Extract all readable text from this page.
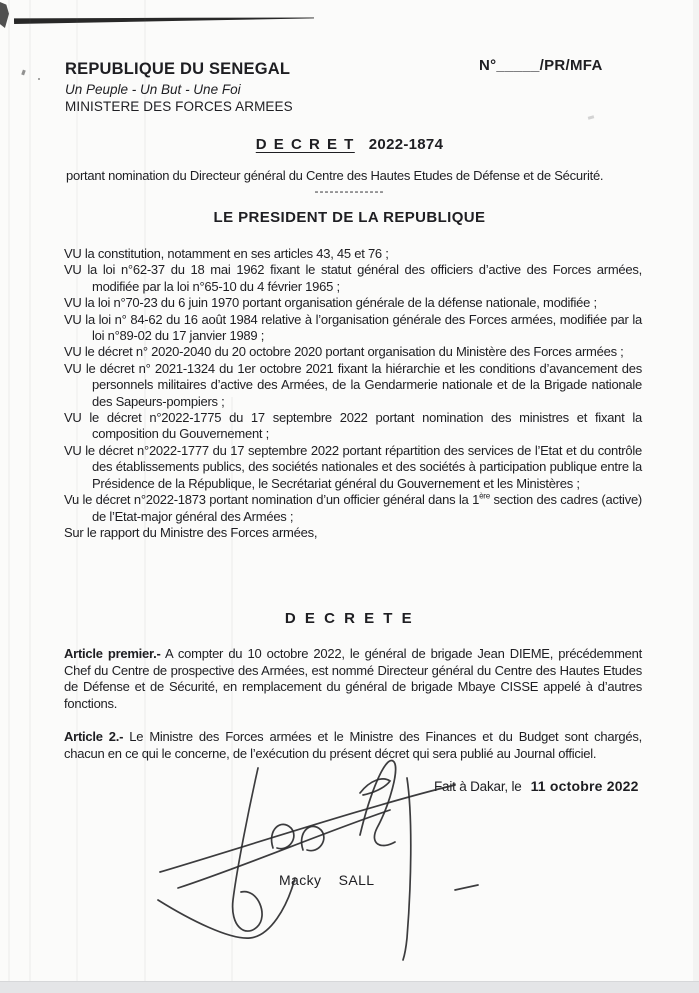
REPUBLIQUE DU SENEGAL
Un Peuple - Un But - Une Foi
MINISTERE DES FORCES ARMEES
N°_____/PR/MFA
D E C R E T 2022-1874
portant nomination du Directeur général du Centre des Hautes Etudes de Défense et de Sécurité.
--------------
LE PRESIDENT DE LA REPUBLIQUE

VU la constitution, notamment en ses articles 43, 45 et 76 ;

VU la loi n°62-37 du 18 mai 1962 fixant le statut général des officiers d’active des Forces armées, modifiée par la loi n°65-10 du 4 février 1965 ;

VU la loi n°70-23 du 6 juin 1970 portant organisation générale de la défense nationale, modifiée ;

VU la loi n° 84-62 du 16 août 1984 relative à l’organisation générale des Forces armées, modifiée par la loi n°89-02 du 17 janvier 1989 ;

VU le décret n° 2020-2040 du 20 octobre 2020 portant organisation du Ministère des Forces armées ;

VU le décret n° 2021-1324 du 1er octobre 2021 fixant la hiérarchie et les conditions d’avancement des personnels militaires d’active des Armées, de la Gendarmerie nationale et de la Brigade nationale des Sapeurs-pompiers ;

VU le décret n°2022-1775 du 17 septembre 2022 portant nomination des ministres et fixant la composition du Gouvernement ;

VU le décret n°2022-1777 du 17 septembre 2022 portant répartition des services de l’Etat et du contrôle des établissements publics, des sociétés nationales et des sociétés à participation publique entre la Présidence de la République, le Secrétariat général du Gouvernement et les Ministères ;

Vu le décret n°2022-1873 portant nomination d’un officier général dans la 1ère section des cadres (active) de l’Etat-major général des Armées ;

Sur le rapport du Ministre des Forces armées,

D E C R E T E

Article premier.- A compter du 10 octobre 2022, le général de brigade Jean DIEME, précédemment Chef du Centre de prospective des Armées, est nommé Directeur général du Centre des Hautes Etudes de Défense et de Sécurité, en remplacement du général de brigade Mbaye CISSE appelé à d’autres fonctions.

Article 2.- Le Ministre des Forces armées et le Ministre des Finances et du Budget sont chargés, chacun en ce qui le concerne, de l’exécution du présent décret qui sera publié au Journal officiel.

Fait à Dakar, le 11 octobre 2022
Macky    SALL
